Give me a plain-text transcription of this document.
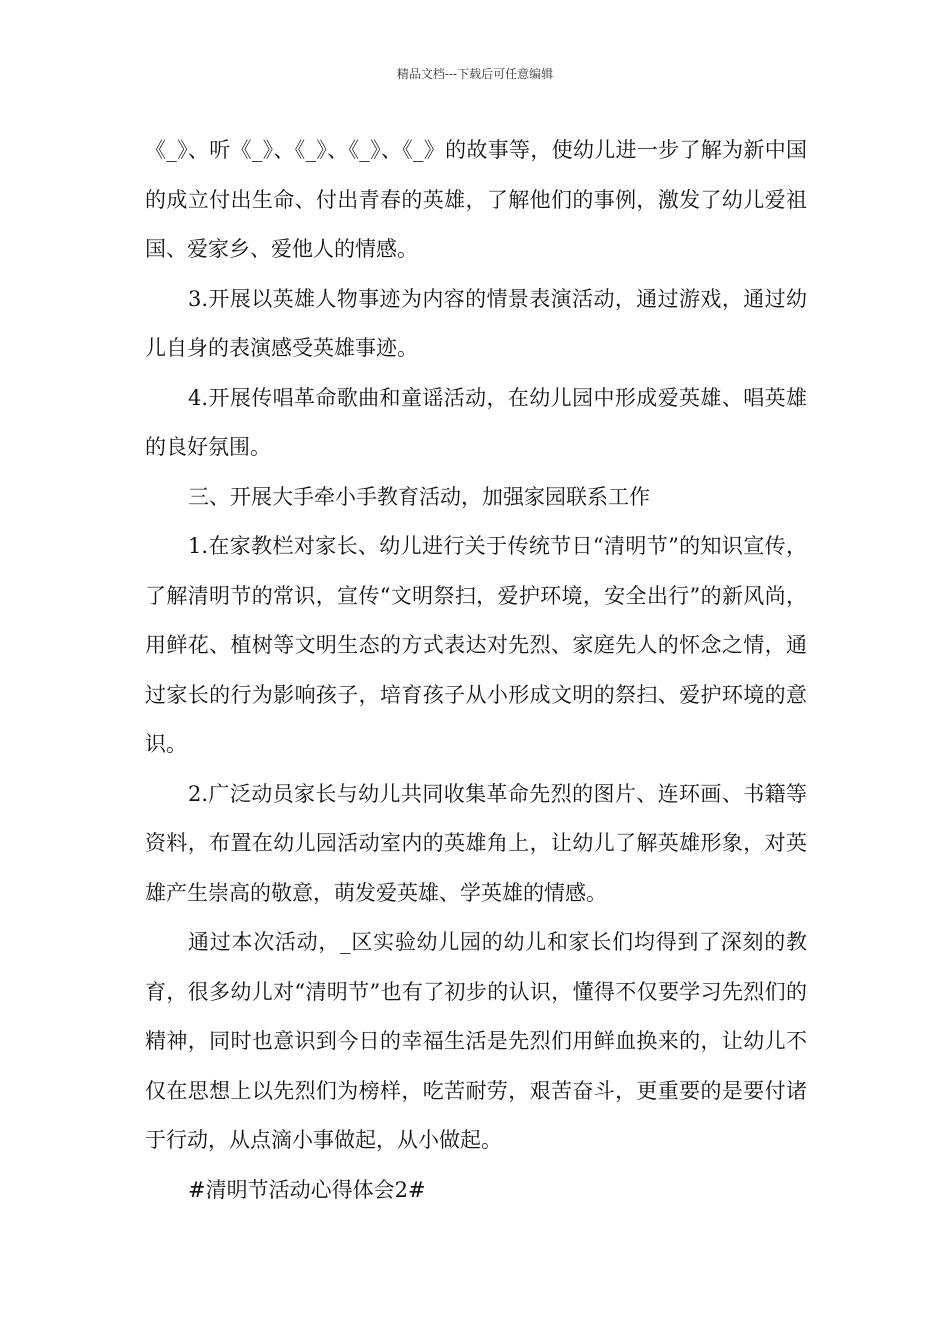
精品文档---下载后可任意编辑

《_》、听《_》、《_》、《_》、《_》的故事等，使幼儿进一步了解为新中国的成立付出生命、付出青春的英雄，了解他们的事例，激发了幼儿爱祖国、爱家乡、爱他人的情感。

3.开展以英雄人物事迹为内容的情景表演活动，通过游戏，通过幼儿自身的表演感受英雄事迹。

4.开展传唱革命歌曲和童谣活动，在幼儿园中形成爱英雄、唱英雄的良好氛围。

三、开展大手牵小手教育活动，加强家园联系工作

1.在家教栏对家长、幼儿进行关于传统节日“清明节”的知识宣传，了解清明节的常识，宣传“文明祭扫，爱护环境，安全出行”的新风尚，用鲜花、植树等文明生态的方式表达对先烈、家庭先人的怀念之情，通过家长的行为影响孩子，培育孩子从小形成文明的祭扫、爱护环境的意识。

2.广泛动员家长与幼儿共同收集革命先烈的图片、连环画、书籍等资料，布置在幼儿园活动室内的英雄角上，让幼儿了解英雄形象，对英雄产生崇高的敬意，萌发爱英雄、学英雄的情感。

通过本次活动，_区实验幼儿园的幼儿和家长们均得到了深刻的教育，很多幼儿对“清明节”也有了初步的认识，懂得不仅要学习先烈们的精神，同时也意识到今日的幸福生活是先烈们用鲜血换来的，让幼儿不仅在思想上以先烈们为榜样，吃苦耐劳，艰苦奋斗，更重要的是要付诸于行动，从点滴小事做起，从小做起。

#清明节活动心得体会2#
